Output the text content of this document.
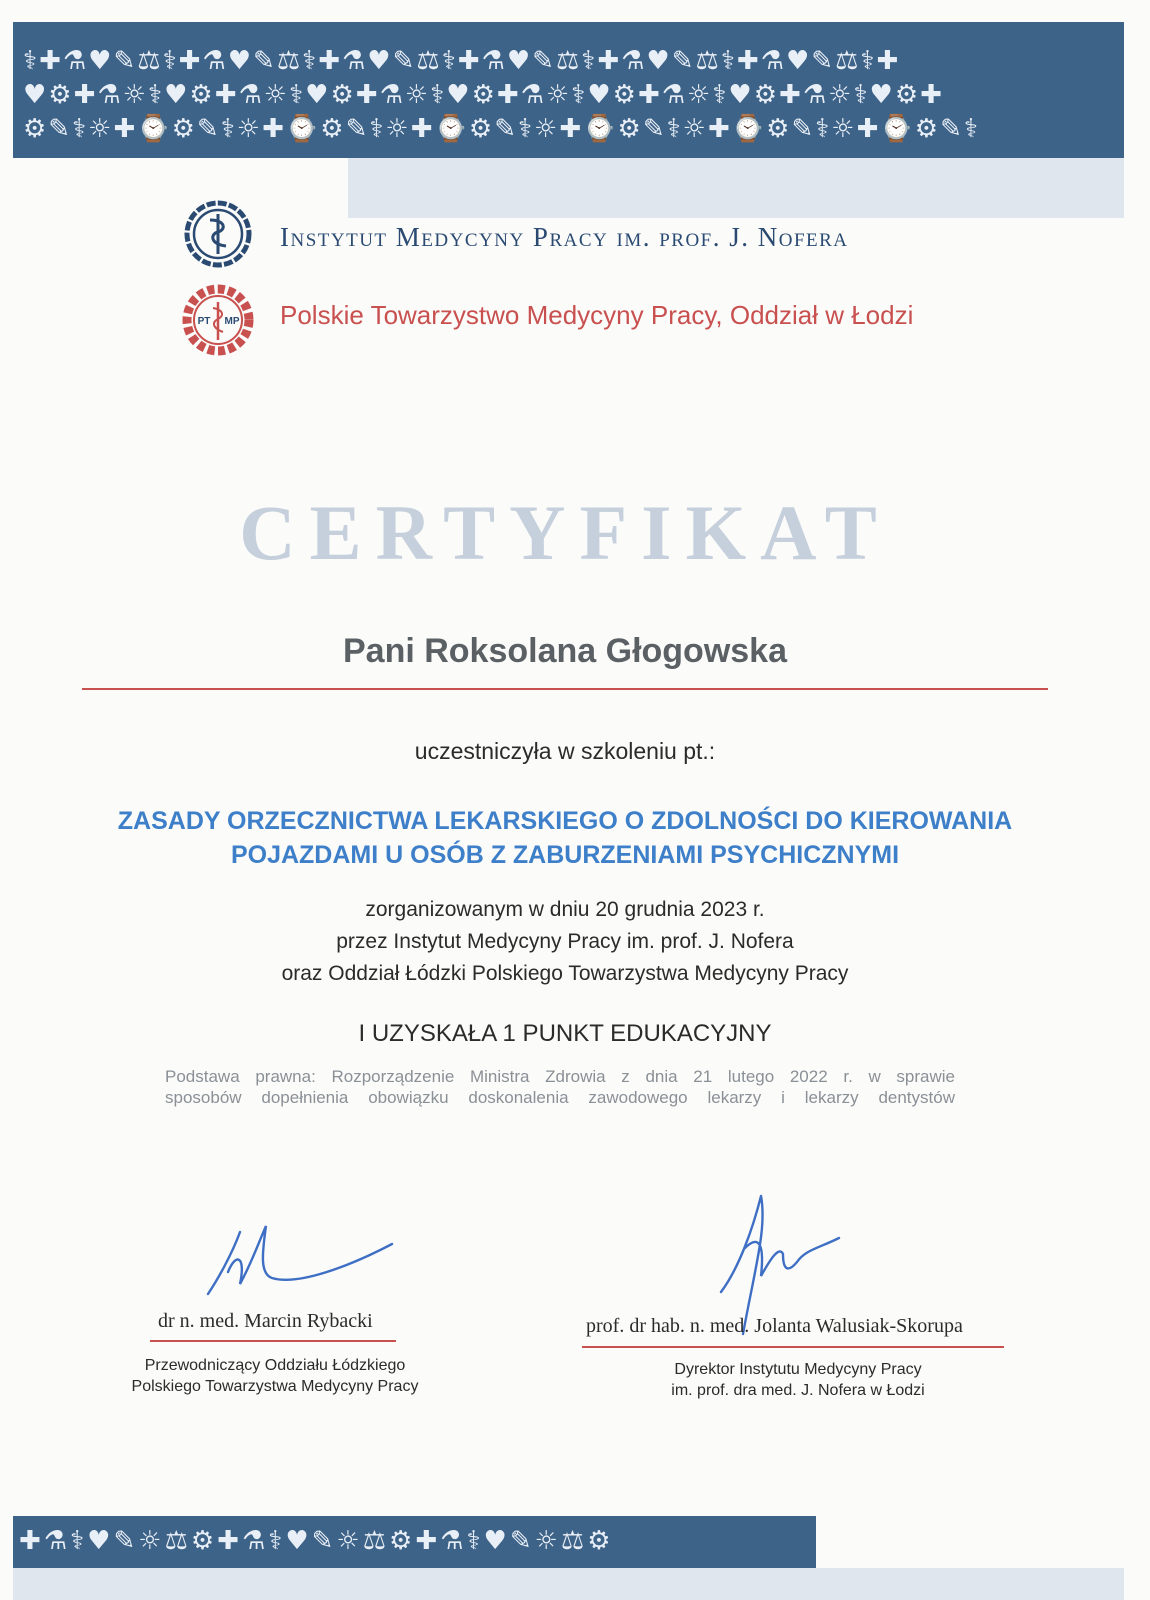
⚕✚⚗♥✎⚖⚕✚⚗♥✎⚖⚕✚⚗♥✎⚖⚕✚⚗♥✎⚖⚕✚⚗♥✎⚖⚕✚⚗♥✎⚖⚕✚
♥⚙✚⚗☼⚕♥⚙✚⚗☼⚕♥⚙✚⚗☼⚕♥⚙✚⚗☼⚕♥⚙✚⚗☼⚕♥⚙✚⚗☼⚕♥⚙✚
⚙✎⚕☼✚⌚⚙✎⚕☼✚⌚⚙✎⚕☼✚⌚⚙✎⚕☼✚⌚⚙✎⚕☼✚⌚⚙✎⚕☼✚⌚⚙✎⚕
Instytut Medycyny Pracy im. prof. J. Nofera
PT MP Polskie Towarzystwo Medycyny Pracy, Oddział w Łodzi
CERTYFIKAT
Pani Roksolana Głogowska
uczestniczyła w szkoleniu pt.:
ZASADY ORZECZNICTWA LEKARSKIEGO O ZDOLNOŚCI DO KIEROWANIA POJAZDAMI U OSÓB Z ZABURZENIAMI PSYCHICZNYMI
zorganizowanym w dniu 20 grudnia 2023 r.
przez Instytut Medycyny Pracy im. prof. J. Nofera
oraz Oddział Łódzki Polskiego Towarzystwa Medycyny Pracy
I UZYSKAŁA 1 PUNKT EDUKACYJNY
Podstawa prawna: Rozporządzenie Ministra Zdrowia z dnia 21 lutego 2022 r. w sprawie
sposobów dopełnienia obowiązku doskonalenia zawodowego lekarzy i lekarzy dentystów
dr n. med. Marcin Rybacki
Przewodniczący Oddziału Łódzkiego
Polskiego Towarzystwa Medycyny Pracy
prof. dr hab. n. med. Jolanta Walusiak-Skorupa
Dyrektor Instytutu Medycyny Pracy
im. prof. dra med. J. Nofera w Łodzi
✚⚗⚕♥✎☼⚖⚙✚⚗⚕♥✎☼⚖⚙✚⚗⚕♥✎☼⚖⚙
